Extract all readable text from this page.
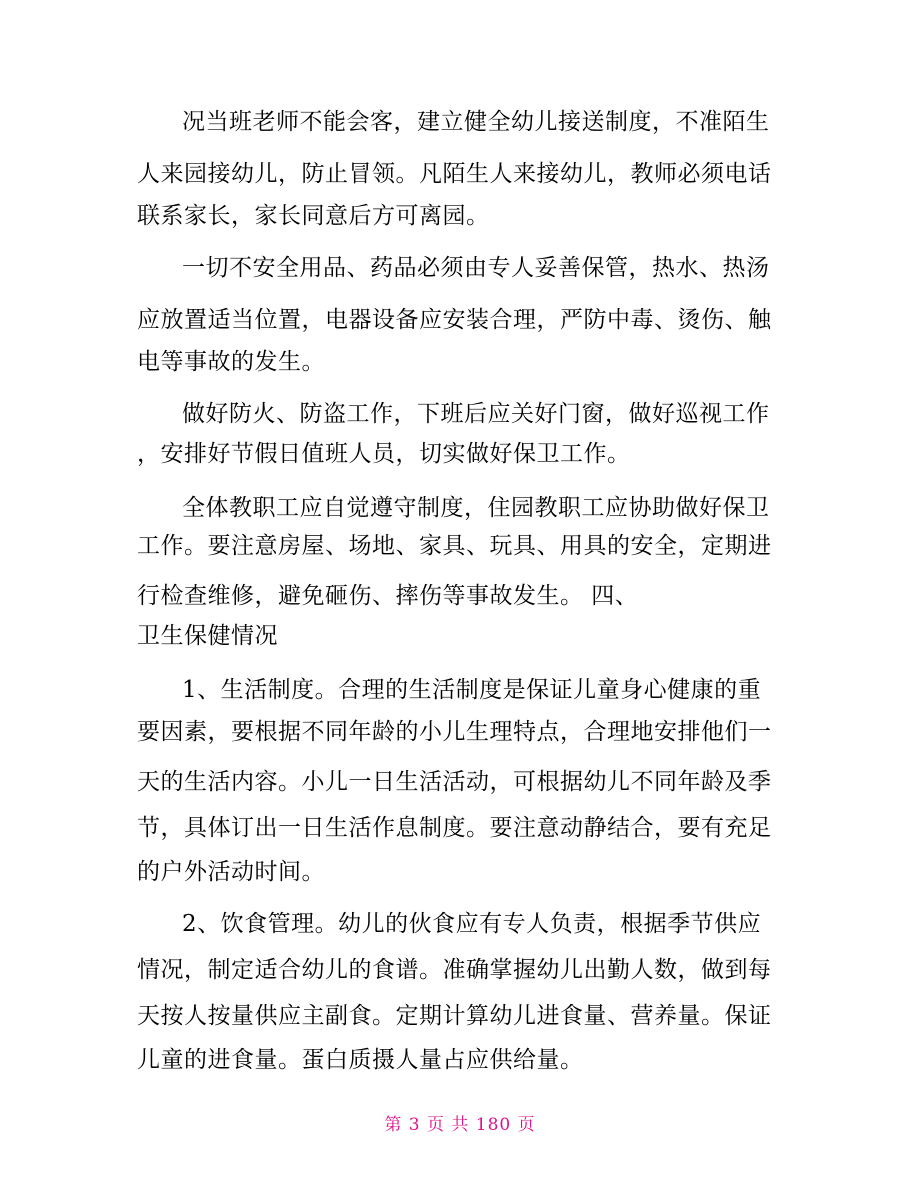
况当班老师不能会客，建立健全幼儿接送制度，不准陌生
人来园接幼儿，防止冒领。凡陌生人来接幼儿，教师必须电话
联系家长，家长同意后方可离园。
一切不安全用品、药品必须由专人妥善保管，热水、热汤
应放置适当位置，电器设备应安装合理，严防中毒、烫伤、触
电等事故的发生。
做好防火、防盗工作，下班后应关好门窗，做好巡视工作
，安排好节假日值班人员，切实做好保卫工作。
全体教职工应自觉遵守制度，住园教职工应协助做好保卫
工作。要注意房屋、场地、家具、玩具、用具的安全，定期进
行检查维修，避免砸伤、摔伤等事故发生。 四、
卫生保健情况
1、生活制度。合理的生活制度是保证儿童身心健康的重
要因素，要根据不同年龄的小儿生理特点，合理地安排他们一
天的生活内容。小儿一日生活活动，可根据幼儿不同年龄及季
节，具体订出一日生活作息制度。要注意动静结合，要有充足
的户外活动时间。
2、饮食管理。幼儿的伙食应有专人负责，根据季节供应
情况，制定适合幼儿的食谱。准确掌握幼儿出勤人数，做到每
天按人按量供应主副食。定期计算幼儿进食量、营养量。保证
儿童的进食量。蛋白质摄人量占应供给量。
第 3 页 共 180 页
